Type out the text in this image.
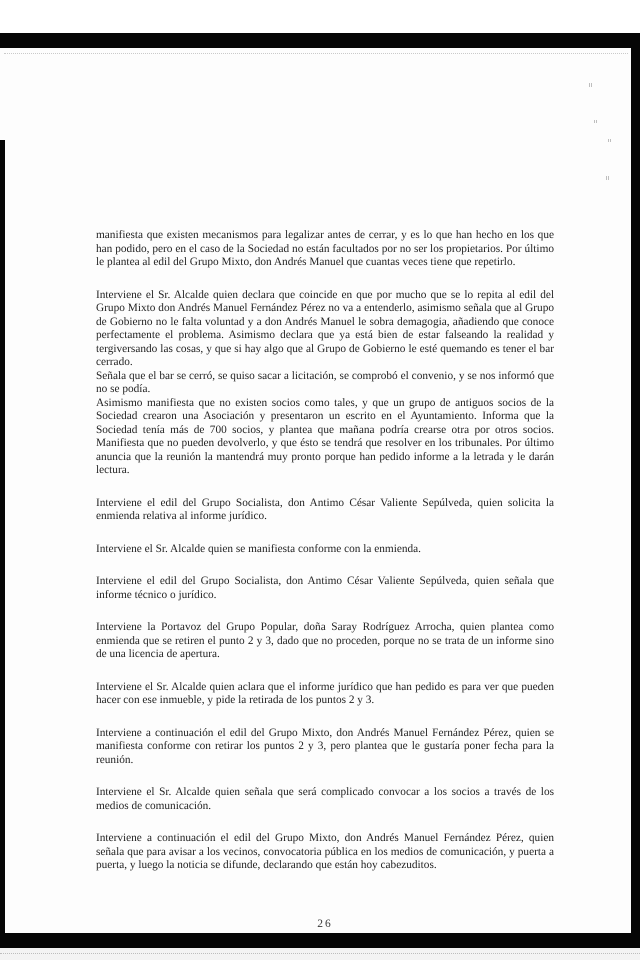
manifiesta que existen mecanismos para legalizar antes de cerrar, y es lo que han hecho en los que han podido, pero en el caso de la Sociedad no están facultados por no ser los propietarios. Por último le plantea al edil del Grupo Mixto, don Andrés Manuel que cuantas veces tiene que repetirlo.

Interviene el Sr. Alcalde quien declara que coincide en que por mucho que se lo repita al edil del Grupo Mixto don Andrés Manuel Fernández Pérez no va a entenderlo, asimismo señala que al Grupo de Gobierno no le falta voluntad y a don Andrés Manuel le sobra demagogia, añadiendo que conoce perfectamente el problema. Asimismo declara que ya está bien de estar falseando la realidad y tergiversando las cosas, y que si hay algo que al Grupo de Gobierno le esté quemando es tener el bar cerrado.

Señala que el bar se cerró, se quiso sacar a licitación, se comprobó el convenio, y se nos informó que no se podía.

Asimismo manifiesta que no existen socios como tales, y que un grupo de antiguos socios de la Sociedad crearon una Asociación y presentaron un escrito en el Ayuntamiento. Informa que la Sociedad tenía más de 700 socios, y plantea que mañana podría crearse otra por otros socios. Manifiesta que no pueden devolverlo, y que ésto se tendrá que resolver en los tribunales. Por último anuncia que la reunión la mantendrá muy pronto porque han pedido informe a la letrada y le darán lectura.

Interviene el edil del Grupo Socialista, don Antimo César Valiente Sepúlveda, quien solicita la enmienda relativa al informe jurídico.

Interviene el Sr. Alcalde quien se manifiesta conforme con la enmienda.

Interviene el edil del Grupo Socialista, don Antimo César Valiente Sepúlveda, quien señala que informe técnico o jurídico.

Interviene la Portavoz del Grupo Popular, doña Saray Rodríguez Arrocha, quien plantea como enmienda que se retiren el punto 2 y 3, dado que no proceden, porque no se trata de un informe sino de una licencia de apertura.

Interviene el Sr. Alcalde quien aclara que el informe jurídico que han pedido es para ver que pueden hacer con ese inmueble, y pide la retirada de los puntos 2 y 3.

Interviene a continuación el edil del Grupo Mixto, don Andrés Manuel Fernández Pérez, quien se manifiesta conforme con retirar los puntos 2 y 3, pero plantea que le gustaría poner fecha para la reunión.

Interviene el Sr. Alcalde quien señala que será complicado convocar a los socios a través de los medios de comunicación.

Interviene a continuación el edil del Grupo Mixto, don Andrés Manuel Fernández Pérez, quien señala que para avisar a los vecinos, convocatoria pública en los medios de comunicación, y puerta a puerta, y luego la noticia se difunde, declarando que están hoy cabezuditos.

26
